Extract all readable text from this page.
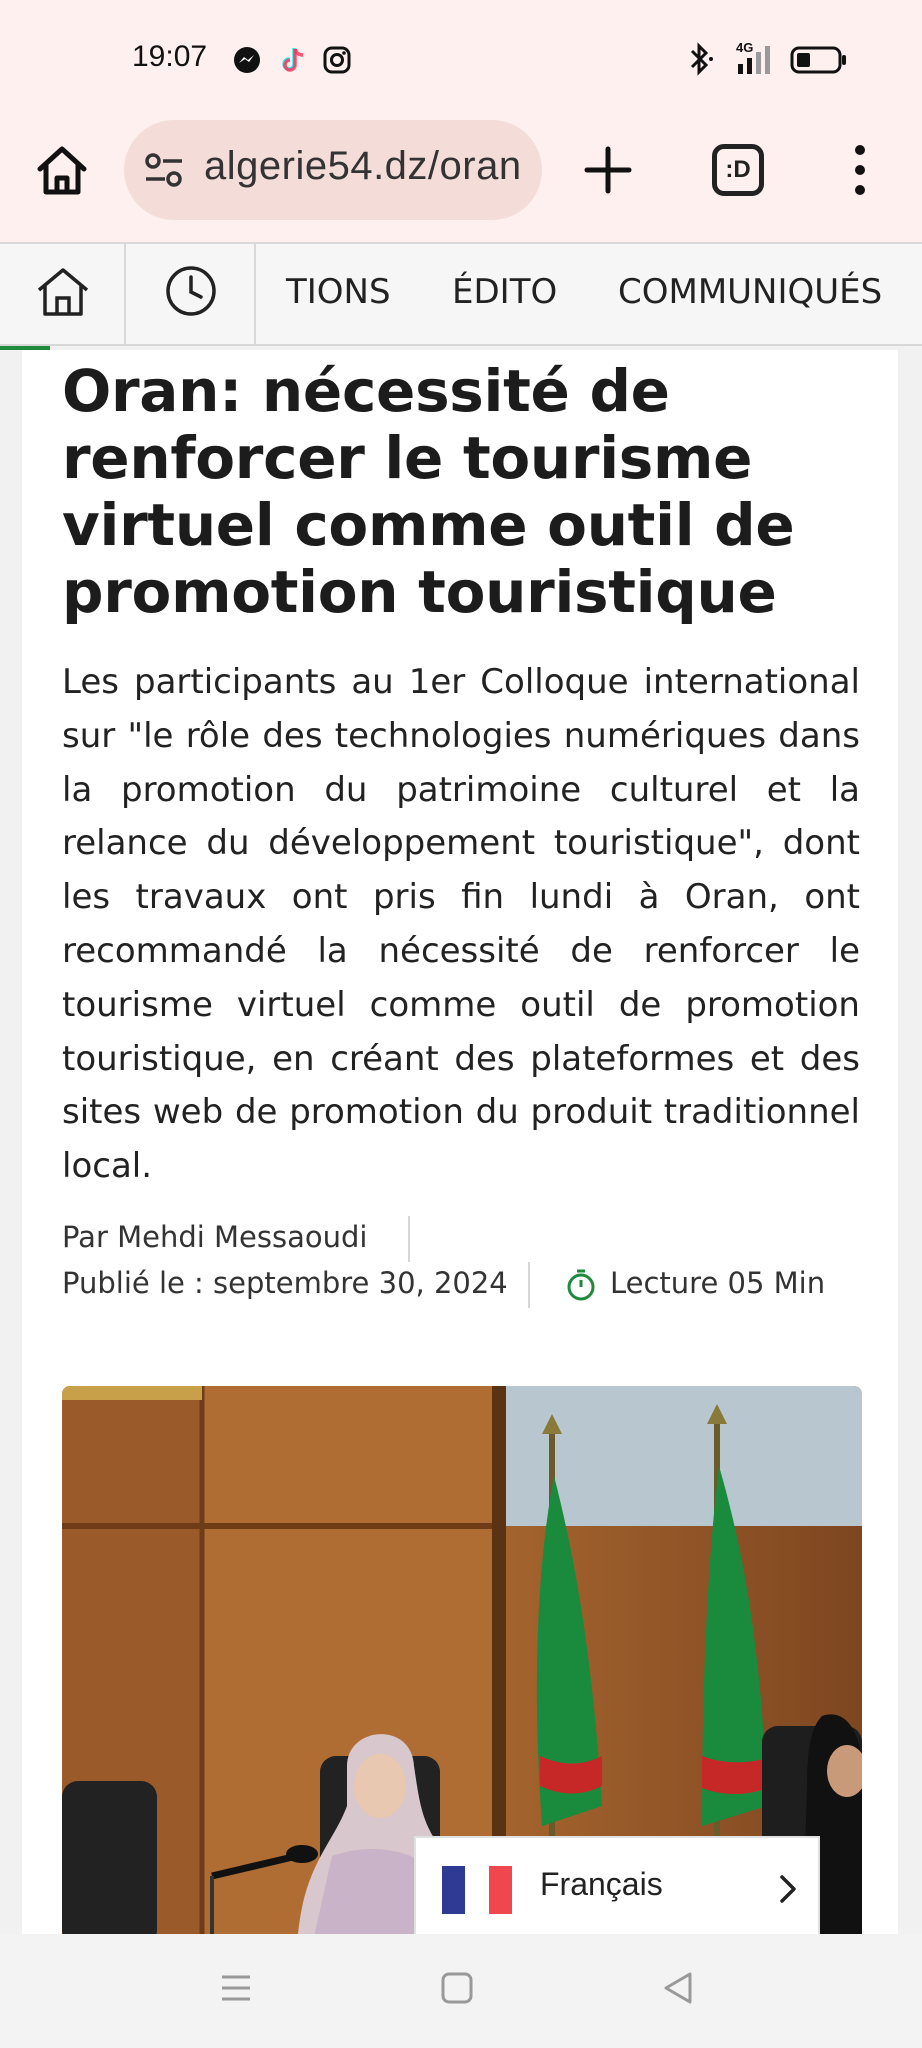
19:07	4G
algerie54.dz/oran	:D
TIONS ÉDITO COMMUNIQUÉS
Oran: nécessité de renforcer le tourisme virtuel comme outil de promotion touristique

Les participants au 1er Colloque international sur "le rôle des technologies numériques dans la promotion du patrimoine culturel et la relance du développement touristique", dont les travaux ont pris fin lundi à Oran, ont recommandé la nécessité de renforcer le tourisme virtuel comme outil de promotion touristique, en créant des plateformes et des sites web de promotion du produit traditionnel local.

Par Mehdi Messaoudi
Publié le : septembre 30, 2024	Lecture 05 Min
Français
